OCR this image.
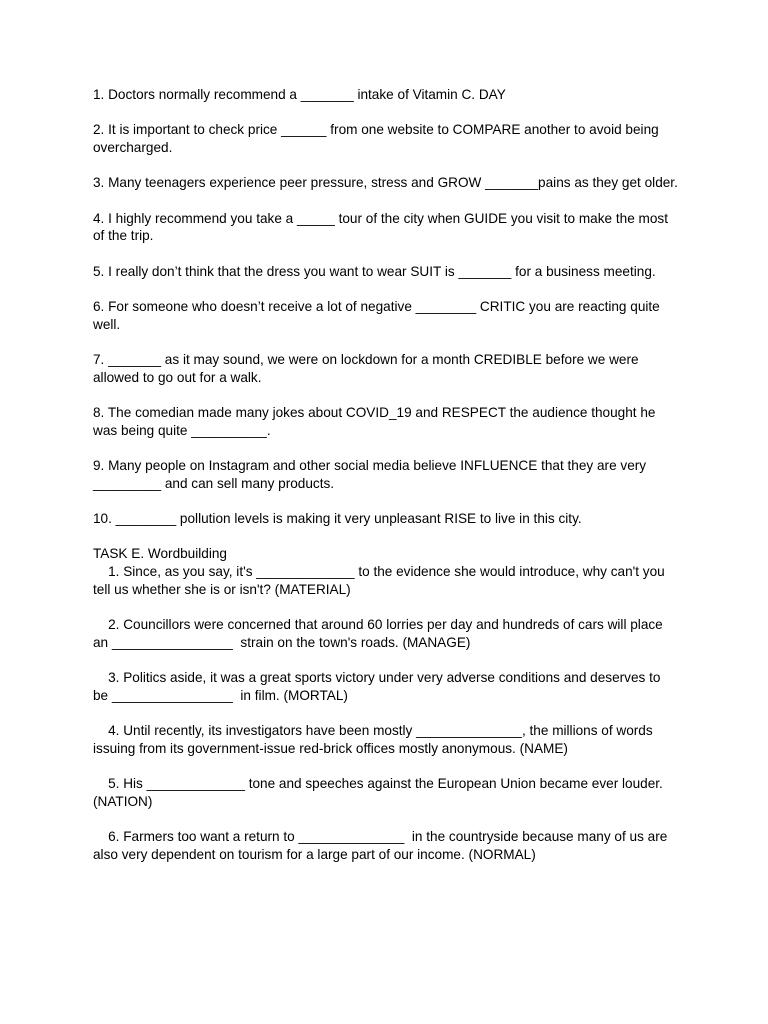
1. Doctors normally recommend a _______ intake of Vitamin C. DAY
2. It is important to check price ______ from one website to COMPARE another to avoid being overcharged.
3. Many teenagers experience peer pressure, stress and GROW _______pains as they get older.
4. I highly recommend you take a _____ tour of the city when GUIDE you visit to make the most of the trip.
5. I really don’t think that the dress you want to wear SUIT is _______ for a business meeting.
6. For someone who doesn’t receive a lot of negative ________ CRITIC you are reacting quite well.
7. _______ as it may sound, we were on lockdown for a month CREDIBLE before we were allowed to go out for a walk.
8. The comedian made many jokes about COVID_19 and RESPECT the audience thought he was being quite __________.
9. Many people on Instagram and other social media believe INFLUENCE that they are very _________ and can sell many products.
10. ________ pollution levels is making it very unpleasant RISE to live in this city.
TASK E. Wordbuilding
1. Since, as you say, it's _____________ to the evidence she would introduce, why can't you tell us whether she is or isn't? (MATERIAL)
2. Councillors were concerned that around 60 lorries per day and hundreds of cars will place an ________________  strain on the town's roads. (MANAGE)
3. Politics aside, it was a great sports victory under very adverse conditions and deserves to be ________________  in film. (MORTAL)
4. Until recently, its investigators have been mostly ______________, the millions of words issuing from its government-issue red-brick offices mostly anonymous. (NAME)
5. His _____________ tone and speeches against the European Union became ever louder. (NATION)
6. Farmers too want a return to ______________  in the countryside because many of us are also very dependent on tourism for a large part of our income. (NORMAL)
